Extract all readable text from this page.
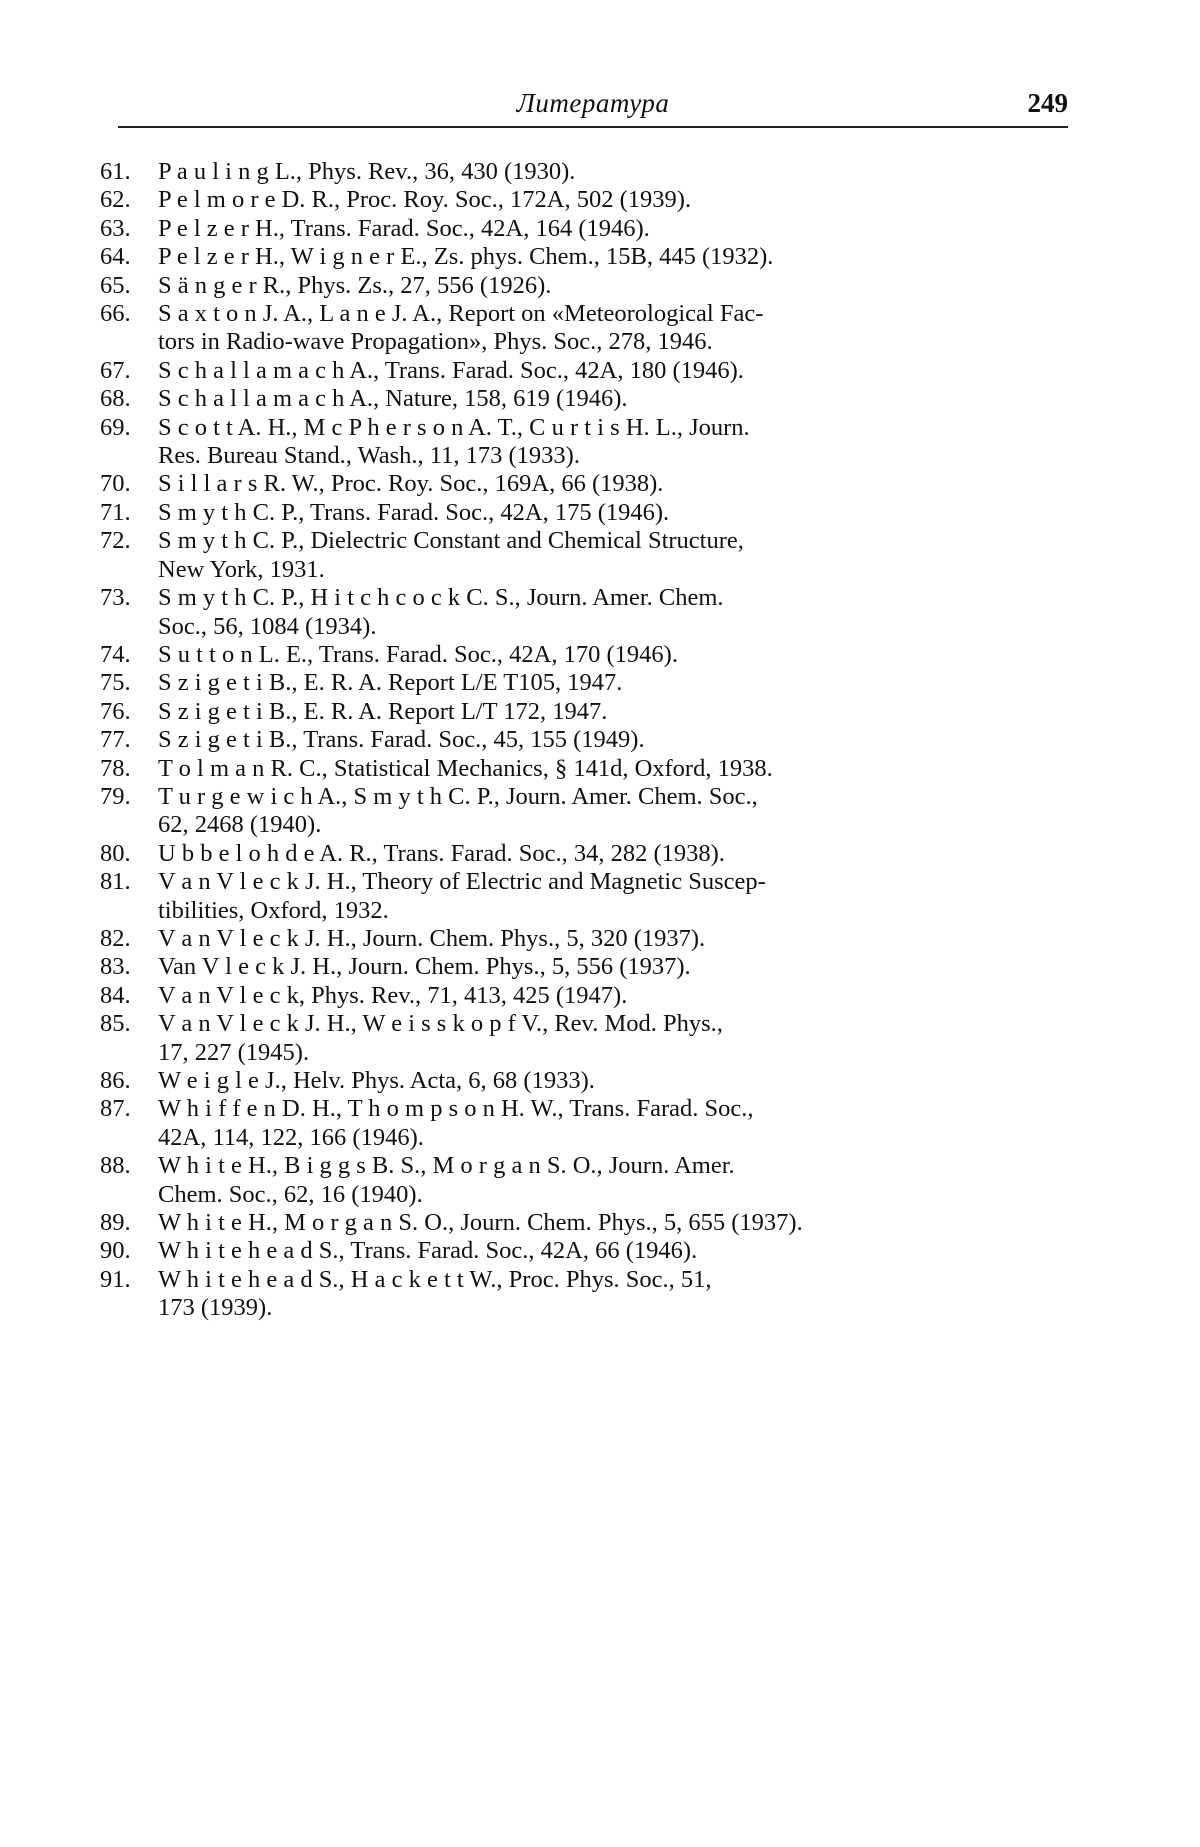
Литература	249
61.	P a u l i n g L., Phys. Rev., 36, 430 (1930).
62.	P e l m o r e D. R., Proc. Roy. Soc., 172A, 502 (1939).
63.	P e l z e r H., Trans. Farad. Soc., 42A, 164 (1946).
64.	P e l z e r H., W i g n e r E., Zs. phys. Chem., 15B, 445 (1932).
65.	S ä n g e r R., Phys. Zs., 27, 556 (1926).
66.	S a x t o n J. A., L a n e J. A., Report on «Meteorological Fac-
tors in Radio-wave Propagation», Phys. Soc., 278, 1946.
67.	S c h a l l a m a c h A., Trans. Farad. Soc., 42A, 180 (1946).
68.	S c h a l l a m a c h A., Nature, 158, 619 (1946).
69.	S c o t t A. H., M c P h e r s o n A. T., C u r t i s H. L., Journ.
Res. Bureau Stand., Wash., 11, 173 (1933).
70.	S i l l a r s R. W., Proc. Roy. Soc., 169A, 66 (1938).
71.	S m y t h C. P., Trans. Farad. Soc., 42A, 175 (1946).
72.	S m y t h C. P., Dielectric Constant and Chemical Structure,
New York, 1931.
73.	S m y t h C. P., H i t c h c o c k C. S., Journ. Amer. Chem.
Soc., 56, 1084 (1934).
74.	S u t t o n L. E., Trans. Farad. Soc., 42A, 170 (1946).
75.	S z i g e t i B., E. R. A. Report L/E T105, 1947.
76.	S z i g e t i B., E. R. A. Report L/T 172, 1947.
77.	S z i g e t i B., Trans. Farad. Soc., 45, 155 (1949).
78.	T o l m a n R. C., Statistical Mechanics, § 141d, Oxford, 1938.
79.	T u r g e w i c h A., S m y t h C. P., Journ. Amer. Chem. Soc.,
62, 2468 (1940).
80.	U b b e l o h d e A. R., Trans. Farad. Soc., 34, 282 (1938).
81.	V a n V l e c k J. H., Theory of Electric and Magnetic Suscep-
tibilities, Oxford, 1932.
82.	V a n V l e c k J. H., Journ. Chem. Phys., 5, 320 (1937).
83.	Van V l e c k J. H., Journ. Chem. Phys., 5, 556 (1937).
84.	V a n V l e c k, Phys. Rev., 71, 413, 425 (1947).
85.	V a n V l e c k J. H., W e i s s k o p f V., Rev. Mod. Phys.,
17, 227 (1945).
86.	W e i g l e J., Helv. Phys. Acta, 6, 68 (1933).
87.	W h i f f e n D. H., T h o m p s o n H. W., Trans. Farad. Soc.,
42A, 114, 122, 166 (1946).
88.	W h i t e H., B i g g s B. S., M o r g a n S. O., Journ. Amer.
Chem. Soc., 62, 16 (1940).
89.	W h i t e H., M o r g a n S. O., Journ. Chem. Phys., 5, 655 (1937).
90.	W h i t e h e a d S., Trans. Farad. Soc., 42A, 66 (1946).
91.	W h i t e h e a d S., H a c k e t t W., Proc. Phys. Soc., 51,
173 (1939).
